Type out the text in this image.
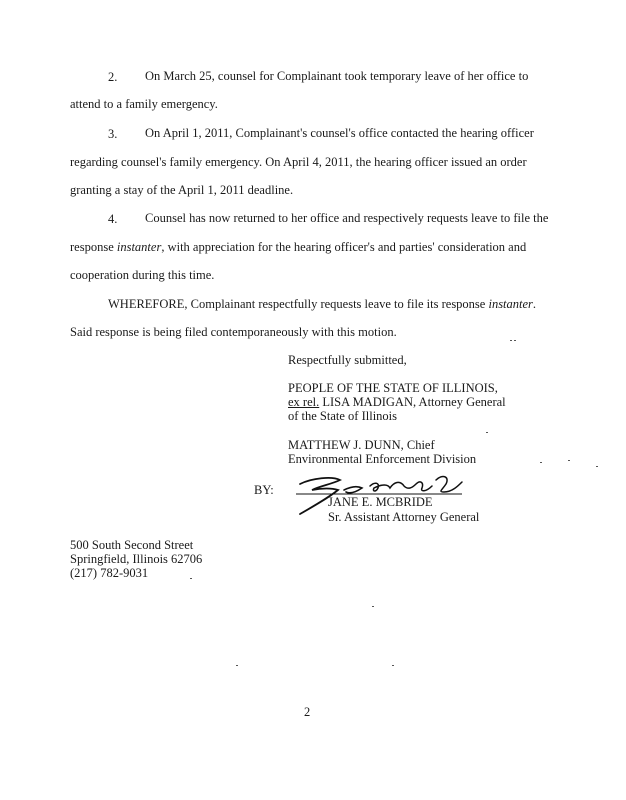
2. On March 25, counsel for Complainant took temporary leave of her office to
attend to a family emergency.
3. On April 1, 2011, Complainant's counsel's office contacted the hearing officer
regarding counsel's family emergency. On April 4, 2011, the hearing officer issued an order
granting a stay of the April 1, 2011 deadline.
4. Counsel has now returned to her office and respectively requests leave to file the
response instanter, with appreciation for the hearing officer's and parties' consideration and
cooperation during this time.
WHEREFORE, Complainant respectfully requests leave to file its response instanter.
Said response is being filed contemporaneously with this motion.
Respectfully submitted,
PEOPLE OF THE STATE OF ILLINOIS,
ex rel. LISA MADIGAN, Attorney General
of the State of Illinois
MATTHEW J. DUNN, Chief
Environmental Enforcement Division
BY:
JANE E. MCBRIDE
Sr. Assistant Attorney General
500 South Second Street
Springfield, Illinois 62706
(217) 782-9031
2
